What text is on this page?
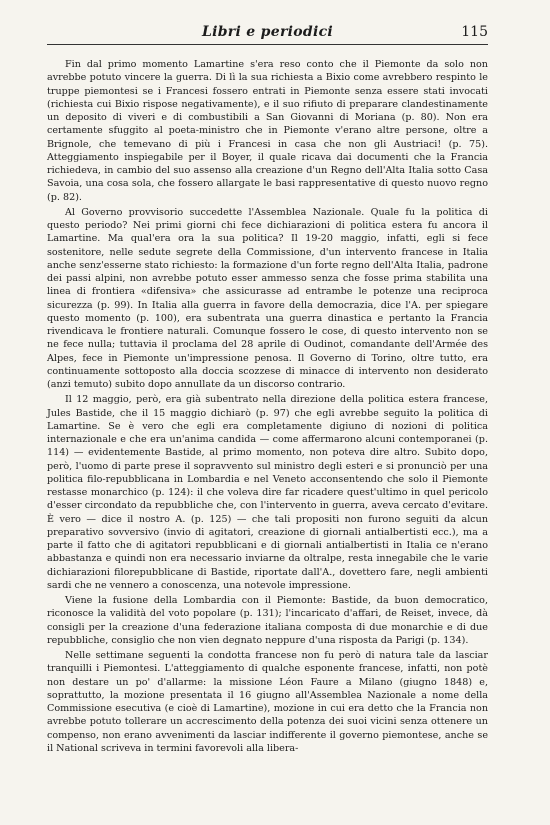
Libri e periodici	115

Fin dal primo momento Lamartine s'era reso conto che il Piemonte da solo non avrebbe potuto vincere la guerra. Di lì la sua richiesta a Bixio come avrebbero respinto le truppe piemontesi se i Francesi fossero entrati in Piemonte senza essere stati invocati (richiesta cui Bixio rispose negativamente), e il suo rifiuto di preparare clandestinamente un deposito di viveri e di combustibili a San Giovanni di Moriana (p. 80). Non era certamente sfuggito al poeta-ministro che in Piemonte v'erano altre persone, oltre a Brignole, che temevano di più i Francesi in casa che non gli Austriaci! (p. 75). Atteggiamento inspiegabile per il Boyer, il quale ricava dai documenti che la Francia richiedeva, in cambio del suo assenso alla creazione d'un Regno dell'Alta Italia sotto Casa Savoia, una cosa sola, che fossero allargate le basi rappresentative di questo nuovo regno (p. 82).

Al Governo provvisorio succedette l'Assemblea Nazionale. Quale fu la politica di questo periodo? Nei primi giorni chi fece dichiarazioni di politica estera fu ancora il Lamartine. Ma qual'era ora la sua politica? Il 19-20 maggio, infatti, egli si fece sostenitore, nelle sedute segrete della Commissione, d'un intervento francese in Italia anche senz'esserne stato richiesto: la formazione d'un forte regno dell'Alta Italia, padrone dei passi alpini, non avrebbe potuto esser ammesso senza che fosse prima stabilita una linea di frontiera «difensiva» che assicurasse ad entrambe le potenze una reciproca sicurezza (p. 99). In Italia alla guerra in favore della democrazia, dice l'A. per spiegare questo momento (p. 100), era subentrata una guerra dinastica e pertanto la Francia rivendicava le frontiere naturali. Comunque fossero le cose, di questo intervento non se ne fece nulla; tuttavia il proclama del 28 aprile di Oudinot, comandante dell'Armée des Alpes, fece in Piemonte un'impressione penosa. Il Governo di Torino, oltre tutto, era continuamente sottoposto alla doccia scozzese di minacce di intervento non desiderato (anzi temuto) subito dopo annullate da un discorso contrario.

Il 12 maggio, però, era già subentrato nella direzione della politica estera francese, Jules Bastide, che il 15 maggio dichiarò (p. 97) che egli avrebbe seguito la politica di Lamartine. Se è vero che egli era completamente digiuno di nozioni di politica internazionale e che era un'anima candida — come affermarono alcuni contemporanei (p. 114) — evidentemente Bastide, al primo momento, non poteva dire altro. Subito dopo, però, l'uomo di parte prese il sopravvento sul ministro degli esteri e si pronunciò per una politica filo-repubblicana in Lombardia e nel Veneto acconsentendo che solo il Piemonte restasse monarchico (p. 124): il che voleva dire far ricadere quest'ultimo in quel pericolo d'esser circondato da repubbliche che, con l'intervento in guerra, aveva cercato d'evitare. È vero — dice il nostro A. (p. 125) — che tali propositi non furono seguiti da alcun preparativo sovversivo (invio di agitatori, creazione di giornali antialbertisti ecc.), ma a parte il fatto che di agitatori repubblicani e di giornali antialbertisti in Italia ce n'erano abbastanza e quindi non era necessario inviarne da oltralpe, resta innegabile che le varie dichiarazioni filorepubblicane di Bastide, riportate dall'A., dovettero fare, negli ambienti sardi che ne vennero a conoscenza, una notevole impressione.

Viene la fusione della Lombardia con il Piemonte: Bastide, da buon democratico, riconosce la validità del voto popolare (p. 131); l'incaricato d'affari, de Reiset, invece, dà consigli per la creazione d'una federazione italiana composta di due monarchie e di due repubbliche, consiglio che non vien degnato neppure d'una risposta da Parigi (p. 134).

Nelle settimane seguenti la condotta francese non fu però di natura tale da lasciar tranquilli i Piemontesi. L'atteggiamento di qualche esponente francese, infatti, non potè non destare un po' d'allarme: la missione Léon Faure a Milano (giugno 1848) e, soprattutto, la mozione presentata il 16 giugno all'Assemblea Nazionale a nome della Commissione esecutiva (e cioè di Lamartine), mozione in cui era detto che la Francia non avrebbe potuto tollerare un accrescimento della potenza dei suoi vicini senza ottenere un compenso, non erano avvenimenti da lasciar indifferente il governo piemontese, anche se il National scriveva in termini favorevoli alla libera-
